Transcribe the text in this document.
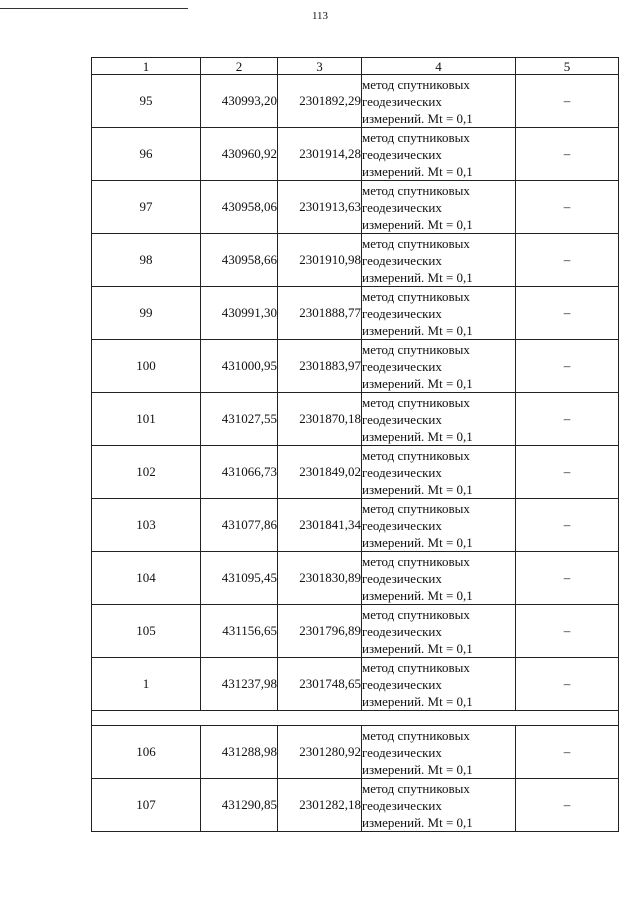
113
1	2	3	4	5
95	430993,20	2301892,29	метод спутниковых
геодезических
измерений. Mt = 0,1	–
96	430960,92	2301914,28	метод спутниковых
геодезических
измерений. Mt = 0,1	–
97	430958,06	2301913,63	метод спутниковых
геодезических
измерений. Mt = 0,1	–
98	430958,66	2301910,98	метод спутниковых
геодезических
измерений. Mt = 0,1	–
99	430991,30	2301888,77	метод спутниковых
геодезических
измерений. Mt = 0,1	–
100	431000,95	2301883,97	метод спутниковых
геодезических
измерений. Mt = 0,1	–
101	431027,55	2301870,18	метод спутниковых
геодезических
измерений. Mt = 0,1	–
102	431066,73	2301849,02	метод спутниковых
геодезических
измерений. Mt = 0,1	–
103	431077,86	2301841,34	метод спутниковых
геодезических
измерений. Mt = 0,1	–
104	431095,45	2301830,89	метод спутниковых
геодезических
измерений. Mt = 0,1	–
105	431156,65	2301796,89	метод спутниковых
геодезических
измерений. Mt = 0,1	–
1	431237,98	2301748,65	метод спутниковых
геодезических
измерений. Mt = 0,1	–

106	431288,98	2301280,92	метод спутниковых
геодезических
измерений. Mt = 0,1	–
107	431290,85	2301282,18	метод спутниковых
геодезических
измерений. Mt = 0,1	–
